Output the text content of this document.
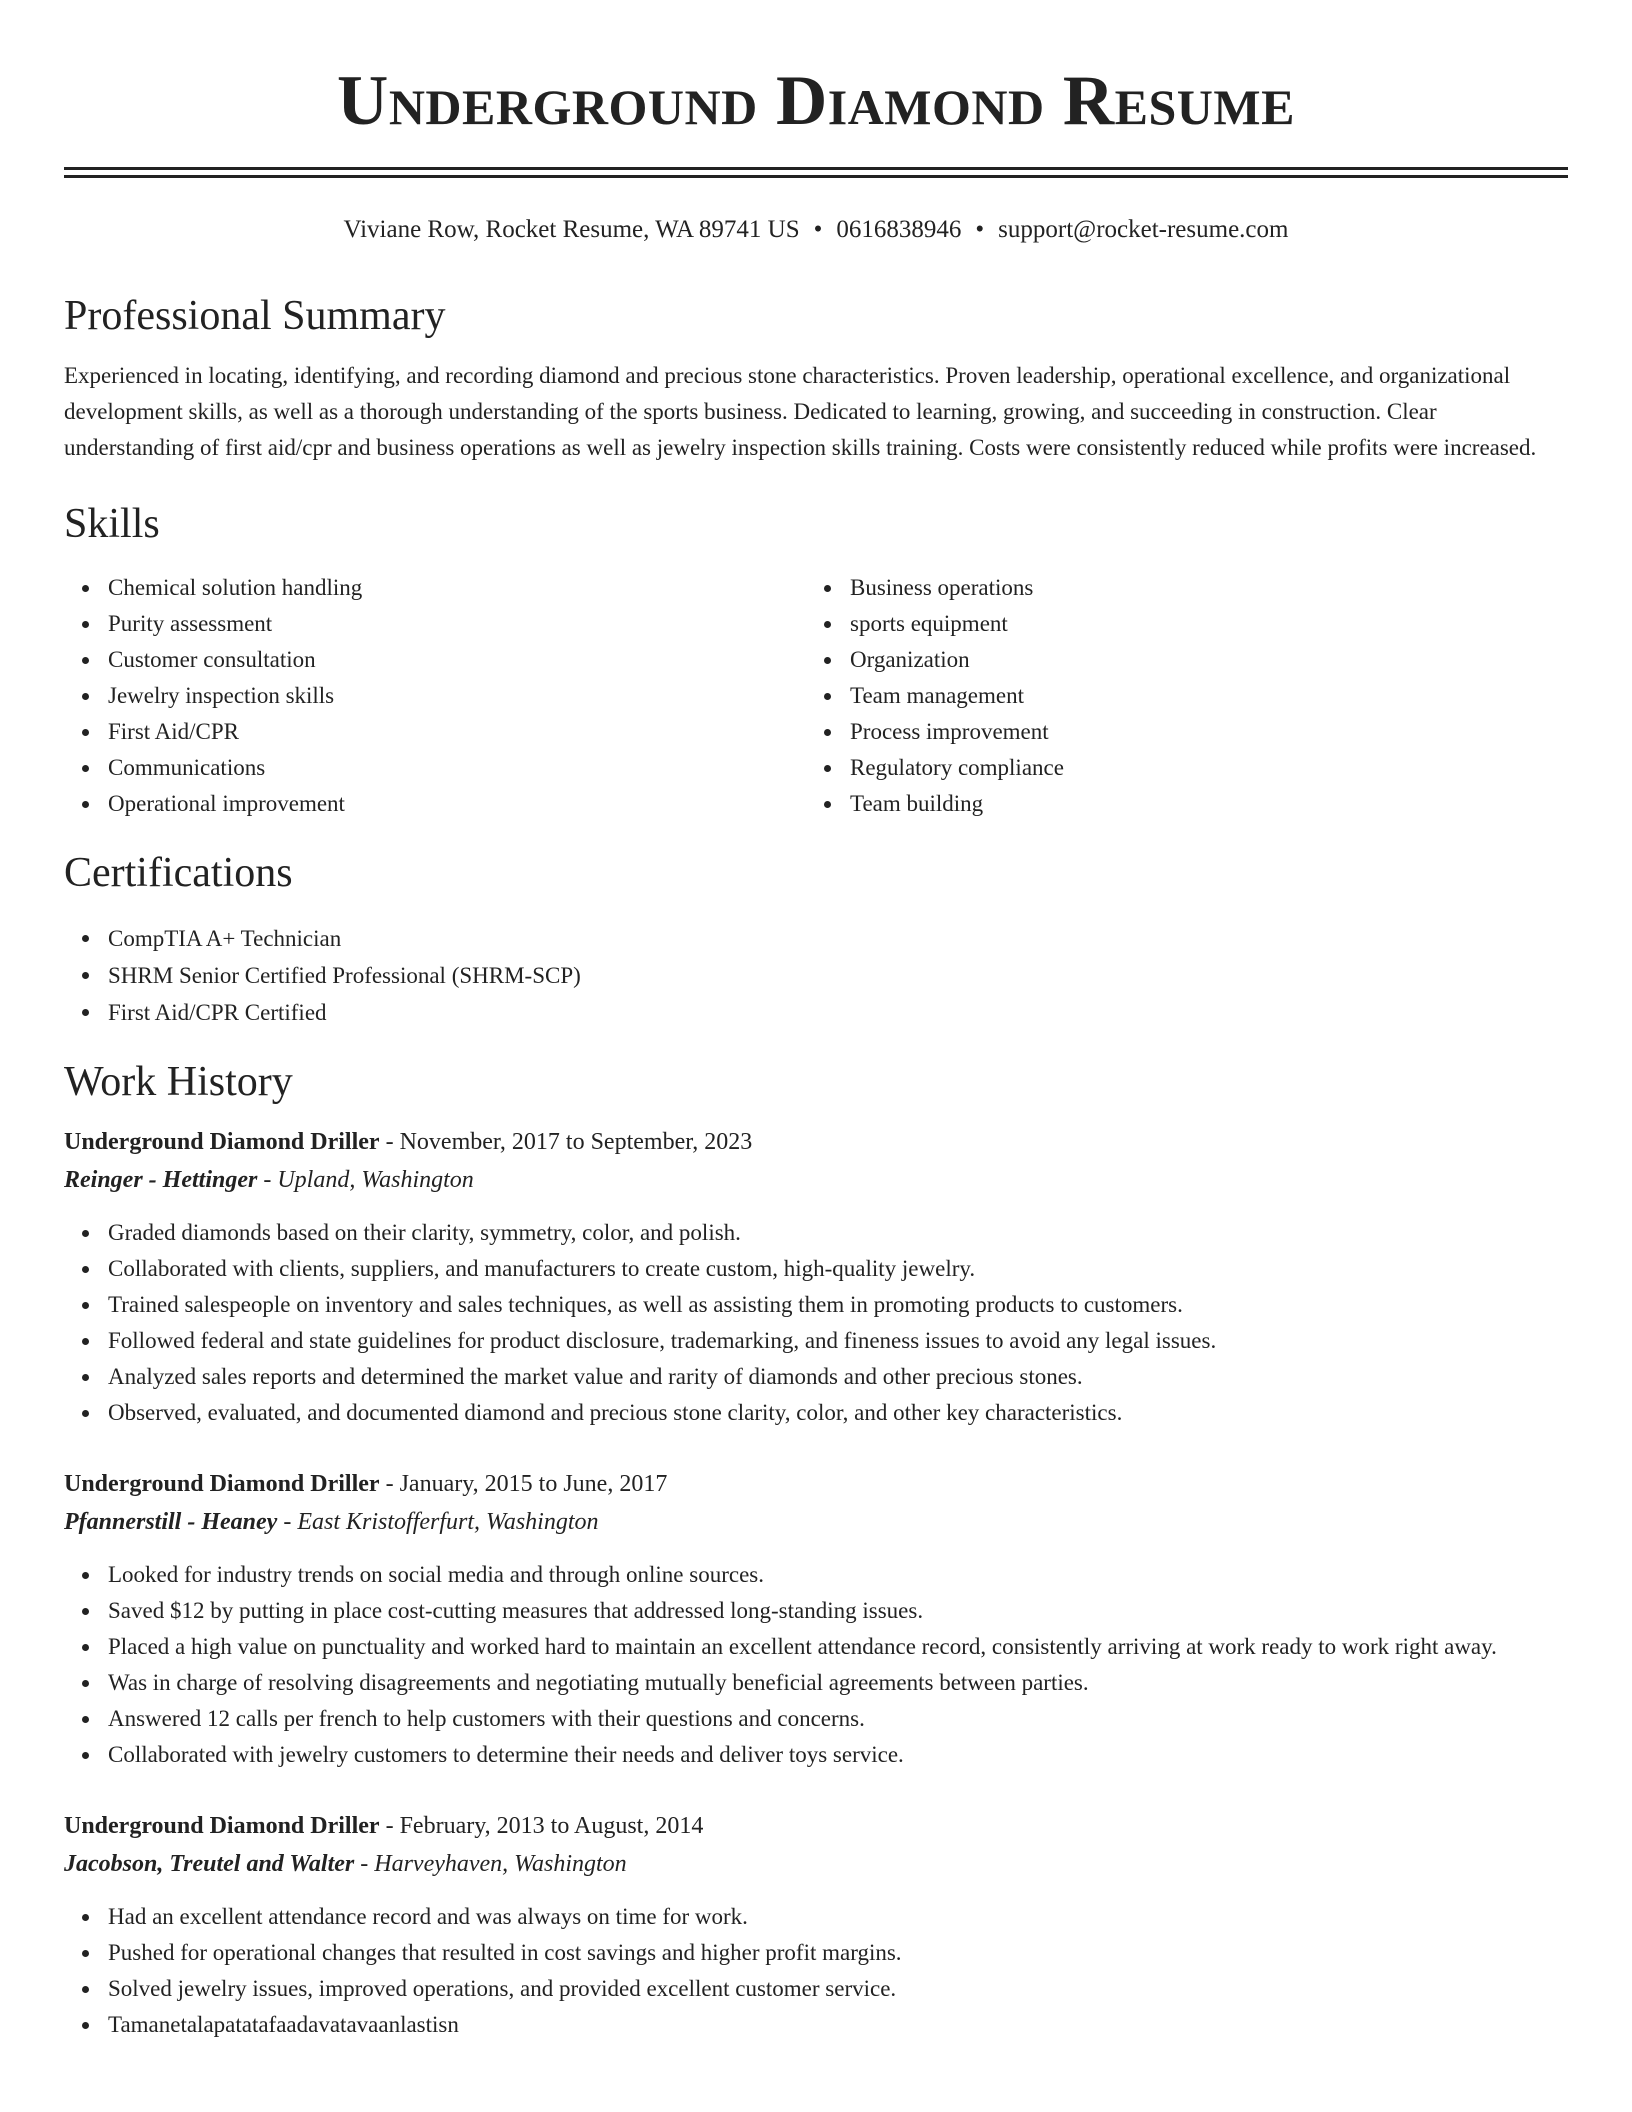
Underground Diamond Resume
Viviane Row, Rocket Resume, WA 89741 US • 0616838946 • support@rocket-resume.com
Professional Summary

Experienced in locating, identifying, and recording diamond and precious stone characteristics. Proven leadership, operational excellence, and organizational development skills, as well as a thorough understanding of the sports business. Dedicated to learning, growing, and succeeding in construction. Clear understanding of first aid/cpr and business operations as well as jewelry inspection skills training. Costs were consistently reduced while profits were increased.

Skills
Chemical solution handling
Purity assessment
Customer consultation
Jewelry inspection skills
First Aid/CPR
Communications
Operational improvement
Business operations
sports equipment
Organization
Team management
Process improvement
Regulatory compliance
Team building
Certifications
CompTIA A+ Technician
SHRM Senior Certified Professional (SHRM-SCP)
First Aid/CPR Certified
Work History
Underground Diamond Driller - November, 2017 to September, 2023
Reinger - Hettinger - Upland, Washington
Graded diamonds based on their clarity, symmetry, color, and polish.
Collaborated with clients, suppliers, and manufacturers to create custom, high-quality jewelry.
Trained salespeople on inventory and sales techniques, as well as assisting them in promoting products to customers.
Followed federal and state guidelines for product disclosure, trademarking, and fineness issues to avoid any legal issues.
Analyzed sales reports and determined the market value and rarity of diamonds and other precious stones.
Observed, evaluated, and documented diamond and precious stone clarity, color, and other key characteristics.
Underground Diamond Driller - January, 2015 to June, 2017
Pfannerstill - Heaney - East Kristofferfurt, Washington
Looked for industry trends on social media and through online sources.
Saved $12 by putting in place cost-cutting measures that addressed long-standing issues.
Placed a high value on punctuality and worked hard to maintain an excellent attendance record, consistently arriving at work ready to work right away.
Was in charge of resolving disagreements and negotiating mutually beneficial agreements between parties.
Answered 12 calls per french to help customers with their questions and concerns.
Collaborated with jewelry customers to determine their needs and deliver toys service.
Underground Diamond Driller - February, 2013 to August, 2014
Jacobson, Treutel and Walter - Harveyhaven, Washington
Had an excellent attendance record and was always on time for work.
Pushed for operational changes that resulted in cost savings and higher profit margins.
Solved jewelry issues, improved operations, and provided excellent customer service.
Tamanetalapatatafaadavatavaanlastisn
